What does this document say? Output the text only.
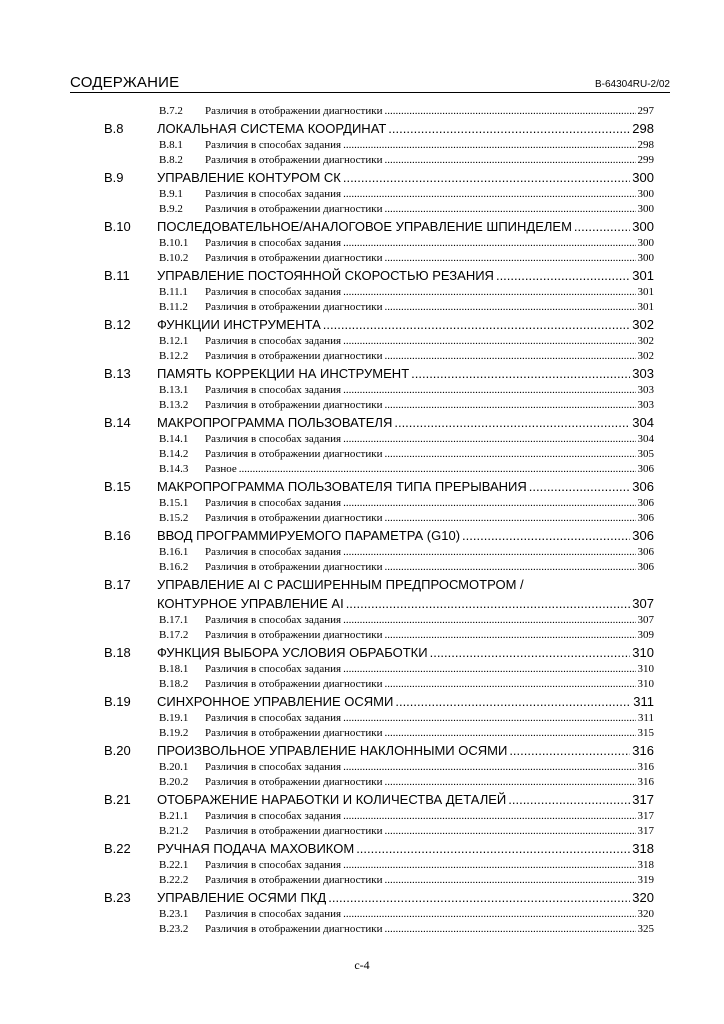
СОДЕРЖАНИЕ	B-64304RU-2/02
B.7.2	Различия в отображении диагностики .....	297
B.8	ЛОКАЛЬНАЯ СИСТЕМА КООРДИНАТ .....	298
B.8.1	Различия в способах задания .....	298
B.8.2	Различия в отображении диагностики .....	299
B.9	УПРАВЛЕНИЕ КОНТУРОМ СК .....	300
B.9.1	Различия в способах задания .....	300
B.9.2	Различия в отображении диагностики .....	300
B.10	ПОСЛЕДОВАТЕЛЬНОЕ/АНАЛОГОВОЕ УПРАВЛЕНИЕ ШПИНДЕЛЕМ .....	300
B.10.1	Различия в способах задания .....	300
B.10.2	Различия в отображении диагностики .....	300
B.11	УПРАВЛЕНИЕ ПОСТОЯННОЙ СКОРОСТЬЮ РЕЗАНИЯ .....	301
B.11.1	Различия в способах задания .....	301
B.11.2	Различия в отображении диагностики .....	301
B.12	ФУНКЦИИ ИНСТРУМЕНТА .....	302
B.12.1	Различия в способах задания .....	302
B.12.2	Различия в отображении диагностики .....	302
B.13	ПАМЯТЬ КОРРЕКЦИИ НА ИНСТРУМЕНТ .....	303
B.13.1	Различия в способах задания .....	303
B.13.2	Различия в отображении диагностики .....	303
B.14	МАКРОПРОГРАММА ПОЛЬЗОВАТЕЛЯ .....	304
B.14.1	Различия в способах задания .....	304
B.14.2	Различия в отображении диагностики .....	305
B.14.3	Разное .....	306
B.15	МАКРОПРОГРАММА ПОЛЬЗОВАТЕЛЯ ТИПА ПРЕРЫВАНИЯ .....	306
B.15.1	Различия в способах задания .....	306
B.15.2	Различия в отображении диагностики .....	306
B.16	ВВОД ПРОГРАММИРУЕМОГО ПАРАМЕТРА (G10) .....	306
B.16.1	Различия в способах задания .....	306
B.16.2	Различия в отображении диагностики .....	306
B.17	УПРАВЛЕНИЕ AI С РАСШИРЕННЫМ ПРЕДПРОСМОТРОМ /
КОНТУРНОЕ УПРАВЛЕНИЕ AI .....	307
B.17.1	Различия в способах задания .....	307
B.17.2	Различия в отображении диагностики .....	309
B.18	ФУНКЦИЯ ВЫБОРА УСЛОВИЯ ОБРАБОТКИ .....	310
B.18.1	Различия в способах задания .....	310
B.18.2	Различия в отображении диагностики .....	310
B.19	СИНХРОННОЕ УПРАВЛЕНИЕ ОСЯМИ .....	311
B.19.1	Различия в способах задания .....	311
B.19.2	Различия в отображении диагностики .....	315
B.20	ПРОИЗВОЛЬНОЕ УПРАВЛЕНИЕ НАКЛОННЫМИ ОСЯМИ .....	316
B.20.1	Различия в способах задания .....	316
B.20.2	Различия в отображении диагностики .....	316
B.21	ОТОБРАЖЕНИЕ НАРАБОТКИ И КОЛИЧЕСТВА ДЕТАЛЕЙ .....	317
B.21.1	Различия в способах задания .....	317
B.21.2	Различия в отображении диагностики .....	317
B.22	РУЧНАЯ ПОДАЧА МАХОВИКОМ .....	318
B.22.1	Различия в способах задания .....	318
B.22.2	Различия в отображении диагностики .....	319
B.23	УПРАВЛЕНИЕ ОСЯМИ ПКД .....	320
B.23.1	Различия в способах задания .....	320
B.23.2	Различия в отображении диагностики .....	325
c-4
